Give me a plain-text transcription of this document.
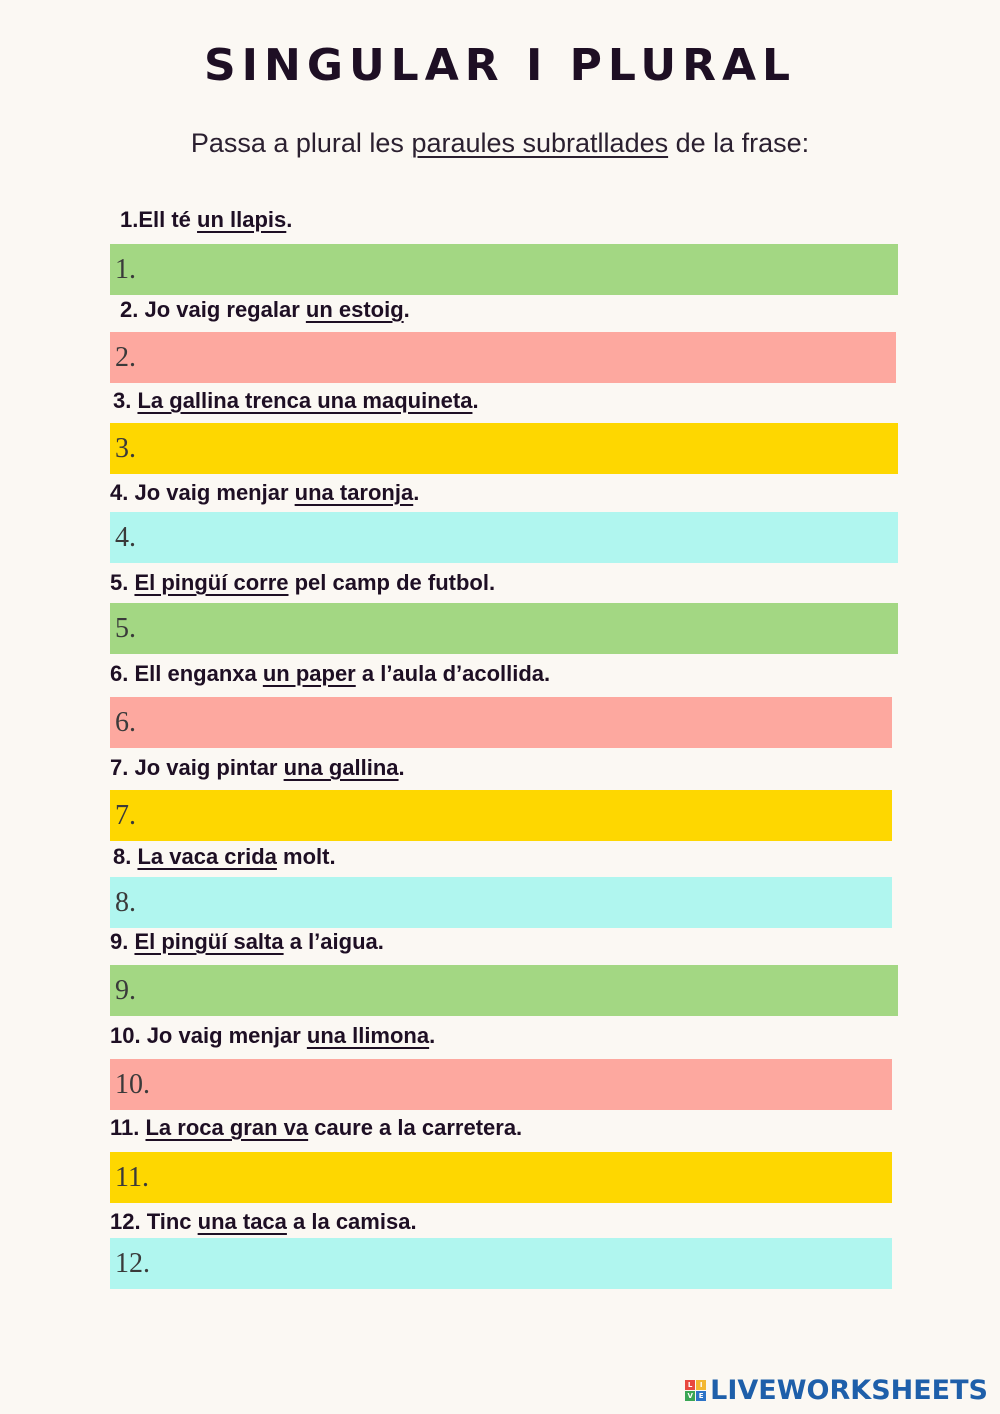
SINGULAR I PLURAL

Passa a plural les paraules subratllades de la frase:

1.Ell té un llapis.
1.
2. Jo vaig regalar un estoig.
2.
3. La gallina trenca una maquineta.
3.
4. Jo vaig menjar una taronja.
4.
5. El pingüí corre pel camp de futbol.
5.
6. Ell enganxa un paper a l’aula d’acollida.
6.
7. Jo vaig pintar una gallina.
7.
8. La vaca crida molt.
8.
9. El pingüí salta a l’aigua.
9.
10. Jo vaig menjar una llimona.
10.
11. La roca gran va caure a la carretera.
11.
12. Tinc una taca a la camisa.
12.
L	I
V E LIVEWORKSHEETS
